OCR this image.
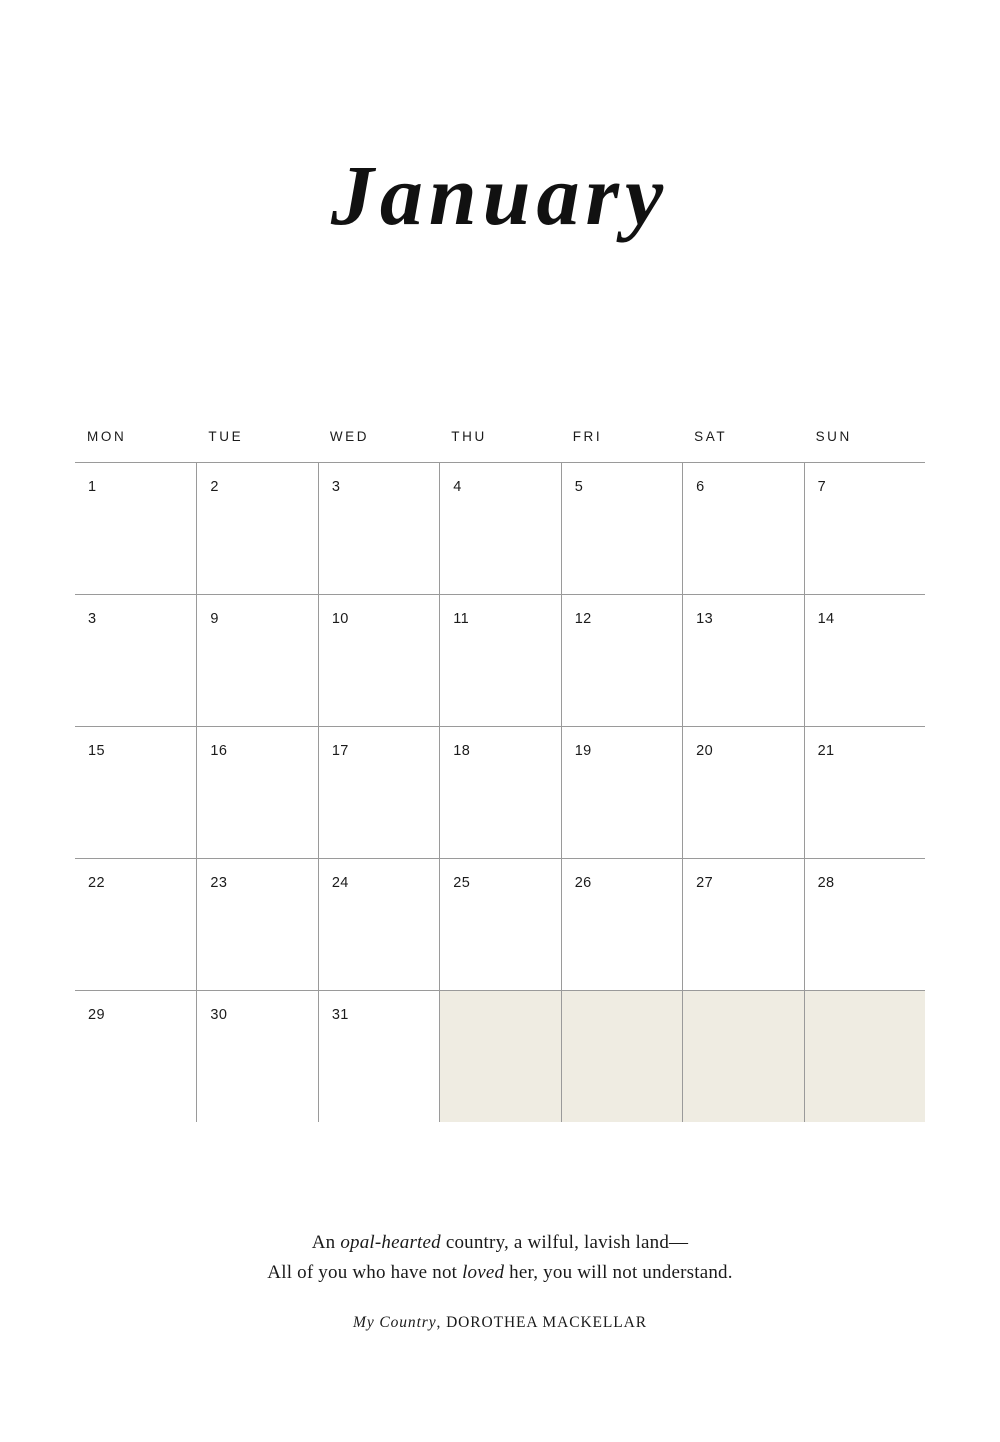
January
MON	TUE	WED	THU	FRI	SAT	SUN
1	2	3	4	5	6	7
3	9	10	11	12	13	14
15	16	17	18	19	20	21
22	23	24	25	26	27	28
29	30	31
An opal-hearted country, a wilful, lavish land—
All of you who have not loved her, you will not understand.
My Country, DOROTHEA MACKELLAR
